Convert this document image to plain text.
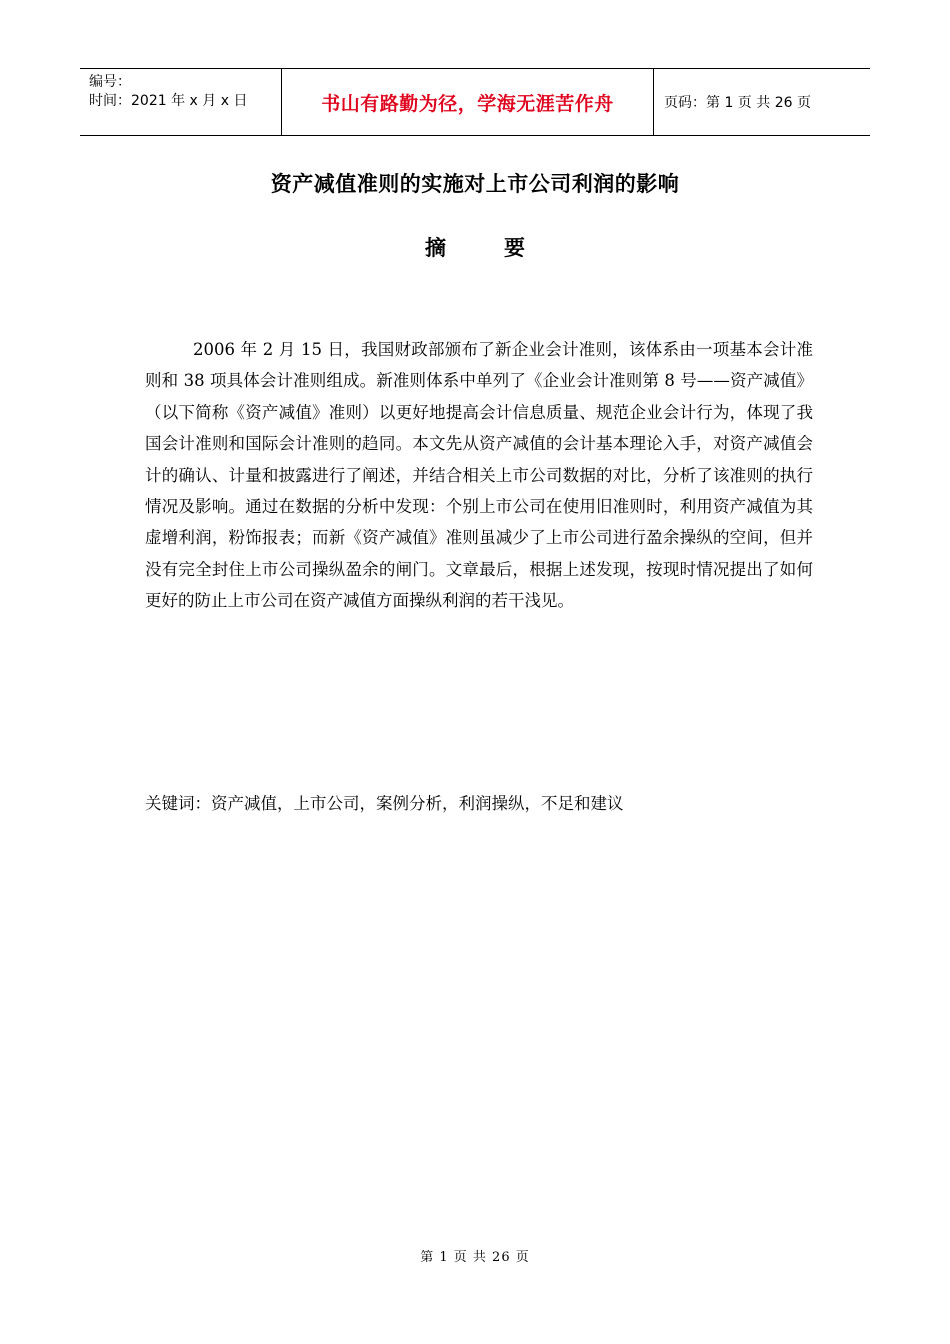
编号：
时间：2021 年 x 月 x 日	书山有路勤为径，学海无涯苦作舟	页码：第 1 页 共 26 页
资产减值准则的实施对上市公司利润的影响
摘要

2006 年 2 月 15 日，我国财政部颁布了新企业会计准则，该体系由一项基本会计准则和 38 项具体会计准则组成。新准则体系中单列了《企业会计准则第 8 号——资产减值》（以下简称《资产减值》准则）以更好地提高会计信息质量、规范企业会计行为，体现了我国会计准则和国际会计准则的趋同。本文先从资产减值的会计基本理论入手，对资产减值会计的确认、计量和披露进行了阐述，并结合相关上市公司数据的对比，分析了该准则的执行情况及影响。通过在数据的分析中发现：个别上市公司在使用旧准则时，利用资产减值为其虚增利润，粉饰报表；而新《资产减值》准则虽减少了上市公司进行盈余操纵的空间，但并没有完全封住上市公司操纵盈余的闸门。文章最后，根据上述发现，按现时情况提出了如何更好的防止上市公司在资产减值方面操纵利润的若干浅见。

关键词：资产减值，上市公司，案例分析，利润操纵，不足和建议

第 1 页 共 26 页
